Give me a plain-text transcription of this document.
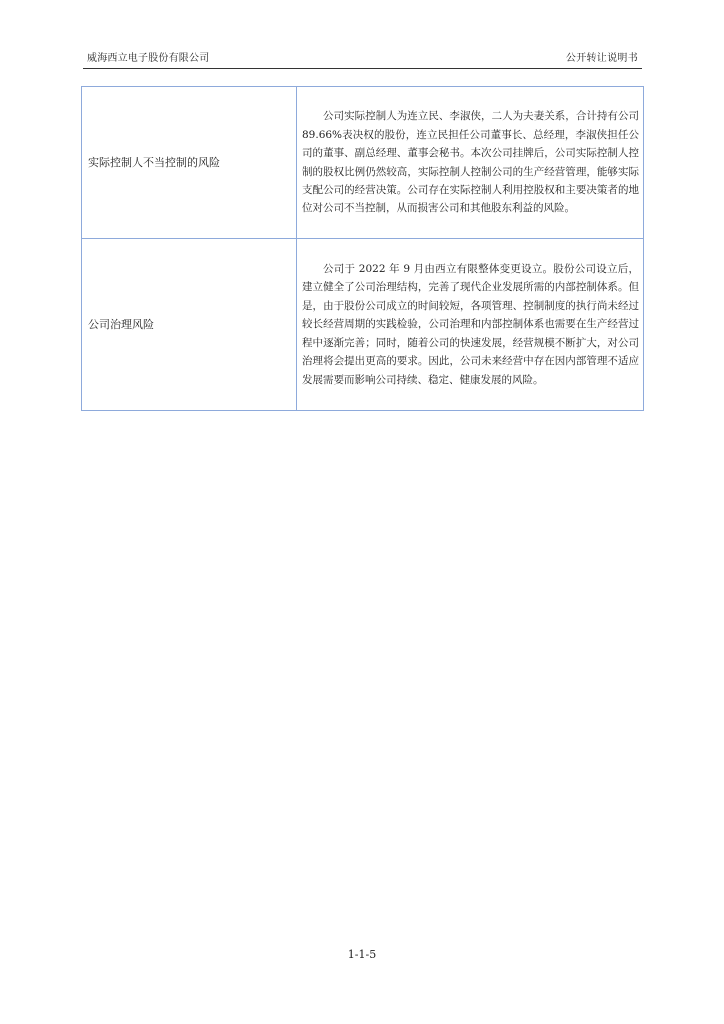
威海西立电子股份有限公司	公开转让说明书
实际控制人不当控制的风险	公司实际控制人为连立民、李淑侠，二人为夫妻关系，合计持有公司 89.66%表决权的股份，连立民担任公司董事长、总经理，李淑侠担任公司的董事、副总经理、董事会秘书。本次公司挂牌后，公司实际控制人控制的股权比例仍然较高，实际控制人控制公司的生产经营管理，能够实际支配公司的经营决策。公司存在实际控制人利用控股权和主要决策者的地位对公司不当控制，从而损害公司和其他股东利益的风险。

公司治理风险	公司于 2022 年 9 月由西立有限整体变更设立。股份公司设立后，建立健全了公司治理结构，完善了现代企业发展所需的内部控制体系。但是，由于股份公司成立的时间较短，各项管理、控制制度的执行尚未经过较长经营周期的实践检验，公司治理和内部控制体系也需要在生产经营过程中逐渐完善；同时，随着公司的快速发展，经营规模不断扩大，对公司治理将会提出更高的要求。因此，公司未来经营中存在因内部管理不适应发展需要而影响公司持续、稳定、健康发展的风险。
1-1-5
